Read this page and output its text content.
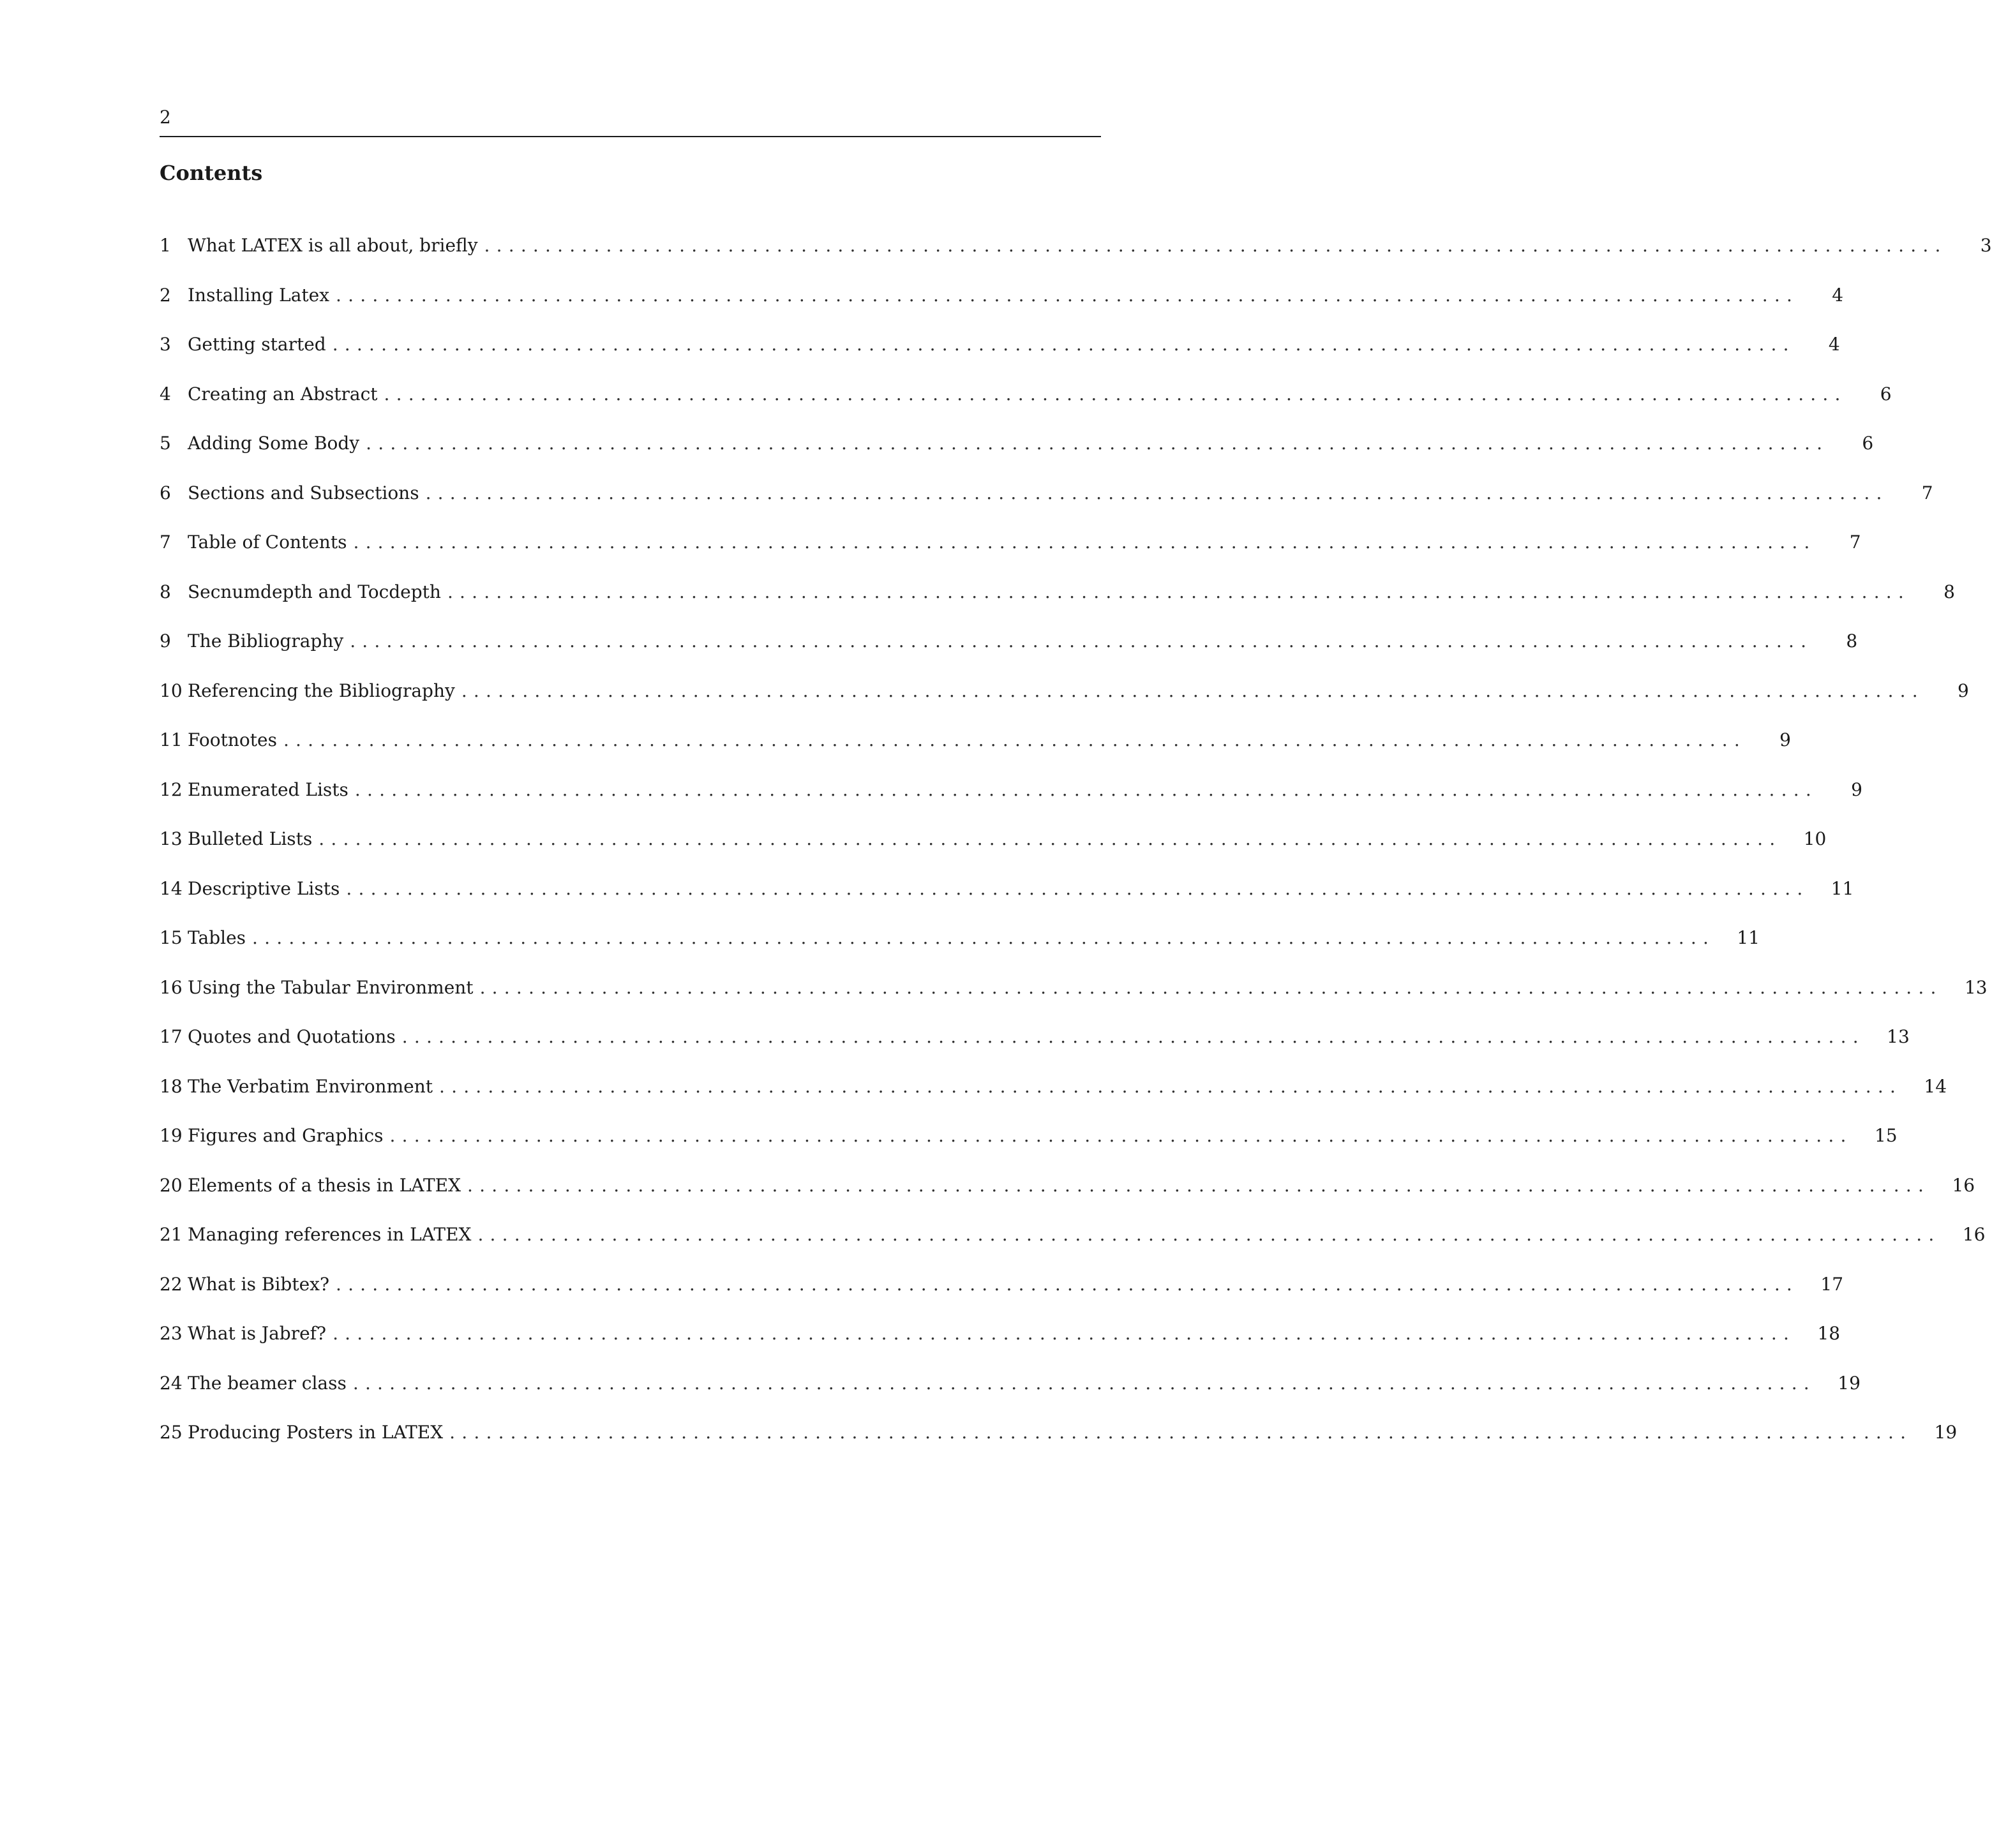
2
Contents
1 What LATEX is all about, briefly ........................................................................................................................	3
2 Installing Latex ........................................................................................................................	4
3 Getting started ........................................................................................................................	4
4 Creating an Abstract ........................................................................................................................	6
5 Adding Some Body ........................................................................................................................	6
6 Sections and Subsections ........................................................................................................................	7
7 Table of Contents ........................................................................................................................	7
8 Secnumdepth and Tocdepth ........................................................................................................................	8
9 The Bibliography ........................................................................................................................	8
10 Referencing the Bibliography ........................................................................................................................	9
11 Footnotes ........................................................................................................................	9
12 Enumerated Lists ........................................................................................................................	9
13 Bulleted Lists ........................................................................................................................	10
14 Descriptive Lists ........................................................................................................................	11
15 Tables ........................................................................................................................	11
16 Using the Tabular Environment ........................................................................................................................	13
17 Quotes and Quotations ........................................................................................................................	13
18 The Verbatim Environment ........................................................................................................................	14
19 Figures and Graphics ........................................................................................................................	15
20 Elements of a thesis in LATEX ........................................................................................................................	16
21 Managing references in LATEX ........................................................................................................................	16
22 What is Bibtex? ........................................................................................................................	17
23 What is Jabref? ........................................................................................................................	18
24 The beamer class ........................................................................................................................	19
25 Producing Posters in LATEX ........................................................................................................................	19
